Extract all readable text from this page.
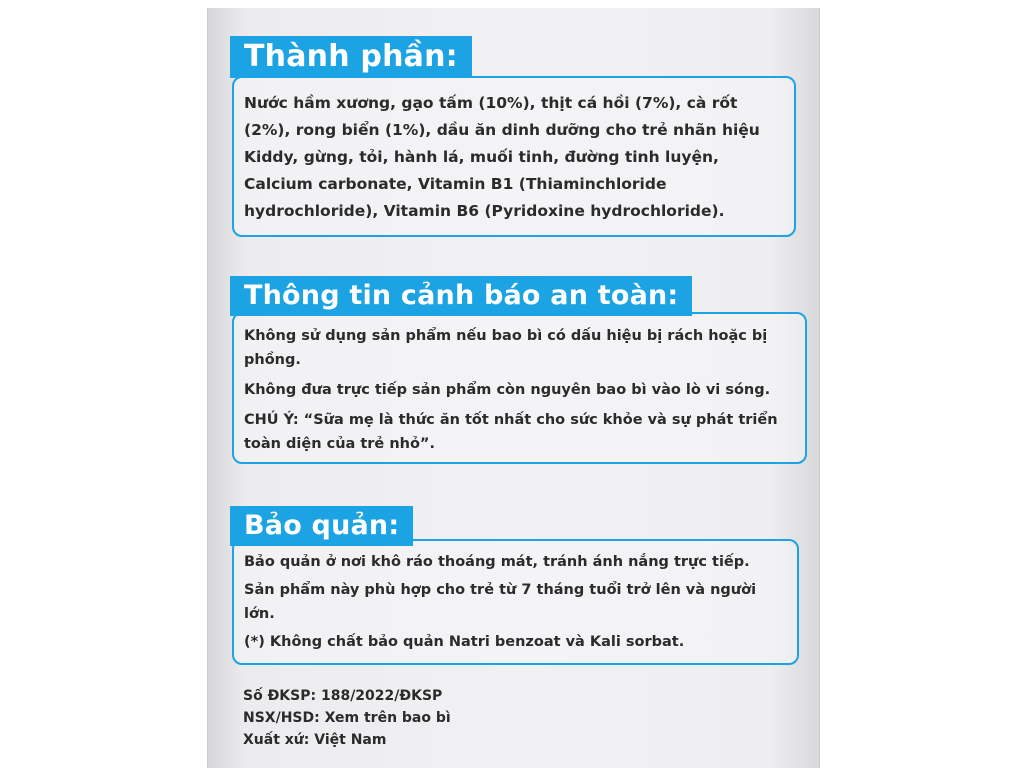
Thành phần:

Nước hầm xương, gạo tấm (10%), thịt cá hồi (7%), cà rốt (2%), rong biển (1%), dầu ăn dinh dưỡng cho trẻ nhãn hiệu Kiddy, gừng, tỏi, hành lá, muối tinh, đường tinh luyện, Calcium carbonate, Vitamin B1 (Thiaminchloride hydrochloride), Vitamin B6 (Pyridoxine hydrochloride).

Thông tin cảnh báo an toàn:

Không sử dụng sản phẩm nếu bao bì có dấu hiệu bị rách hoặc bị phồng.

Không đưa trực tiếp sản phẩm còn nguyên bao bì vào lò vi sóng.

CHÚ Ý: “Sữa mẹ là thức ăn tốt nhất cho sức khỏe và sự phát triển toàn diện của trẻ nhỏ”.

Bảo quản:

Bảo quản ở nơi khô ráo thoáng mát, tránh ánh nắng trực tiếp.

Sản phẩm này phù hợp cho trẻ từ 7 tháng tuổi trở lên và người lớn.

(*) Không chất bảo quản Natri benzoat và Kali sorbat.

Số ĐKSP: 188/2022/ĐKSP
NSX/HSD: Xem trên bao bì
Xuất xứ: Việt Nam
